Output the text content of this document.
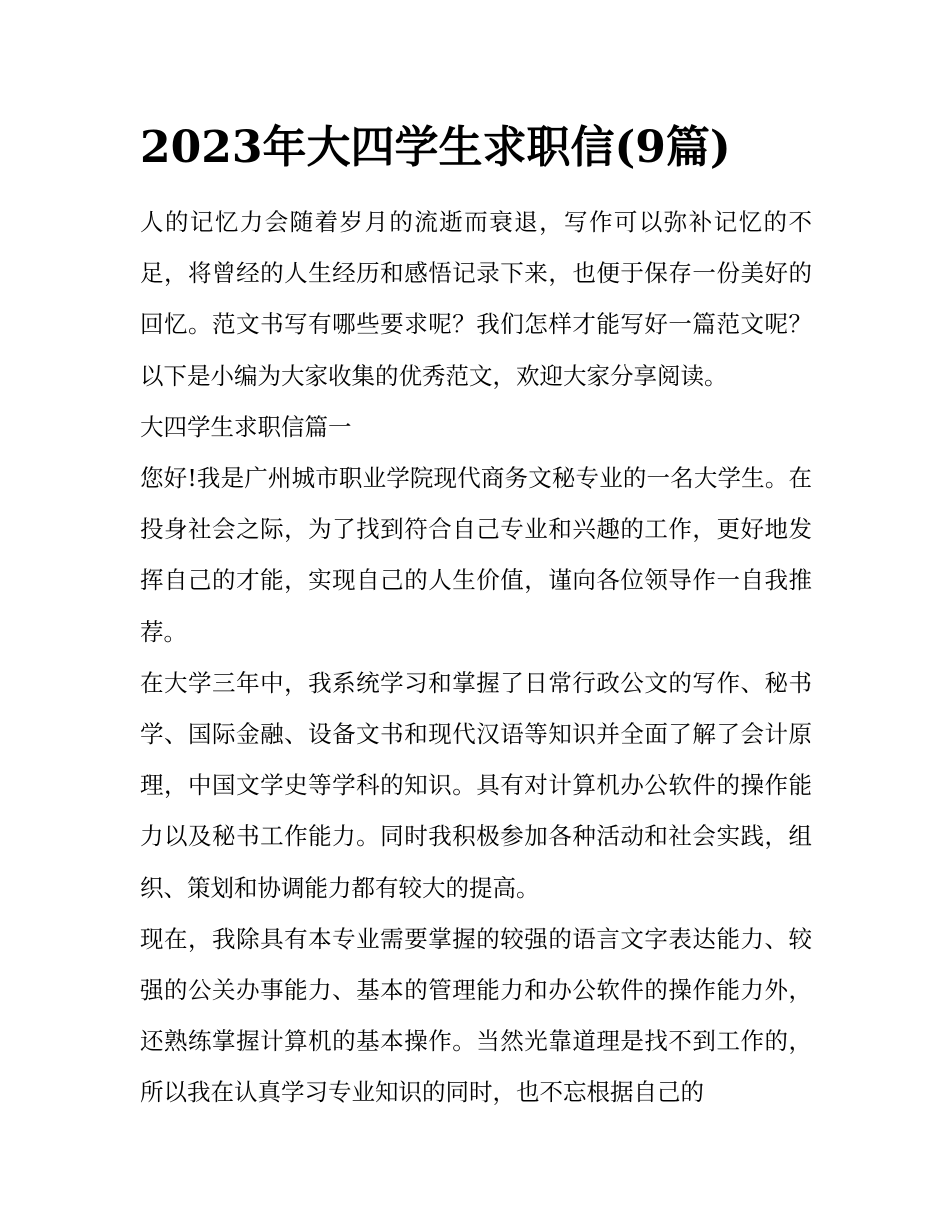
2023年大四学生求职信(9篇)

人的记忆力会随着岁月的流逝而衰退，写作可以弥补记忆的不足，将曾经的人生经历和感悟记录下来，也便于保存一份美好的回忆。范文书写有哪些要求呢？我们怎样才能写好一篇范文呢？以下是小编为大家收集的优秀范文，欢迎大家分享阅读。

大四学生求职信篇一

您好!我是广州城市职业学院现代商务文秘专业的一名大学生。在投身社会之际，为了找到符合自己专业和兴趣的工作，更好地发挥自己的才能，实现自己的人生价值，谨向各位领导作一自我推荐。

在大学三年中，我系统学习和掌握了日常行政公文的写作、秘书学、国际金融、设备文书和现代汉语等知识并全面了解了会计原理，中国文学史等学科的知识。具有对计算机办公软件的操作能力以及秘书工作能力。同时我积极参加各种活动和社会实践，组织、策划和协调能力都有较大的提高。

现在，我除具有本专业需要掌握的较强的语言文字表达能力、较强的公关办事能力、基本的管理能力和办公软件的操作能力外，还熟练掌握计算机的基本操作。当然光靠道理是找不到工作的，所以我在认真学习专业知识的同时，也不忘根据自己的
